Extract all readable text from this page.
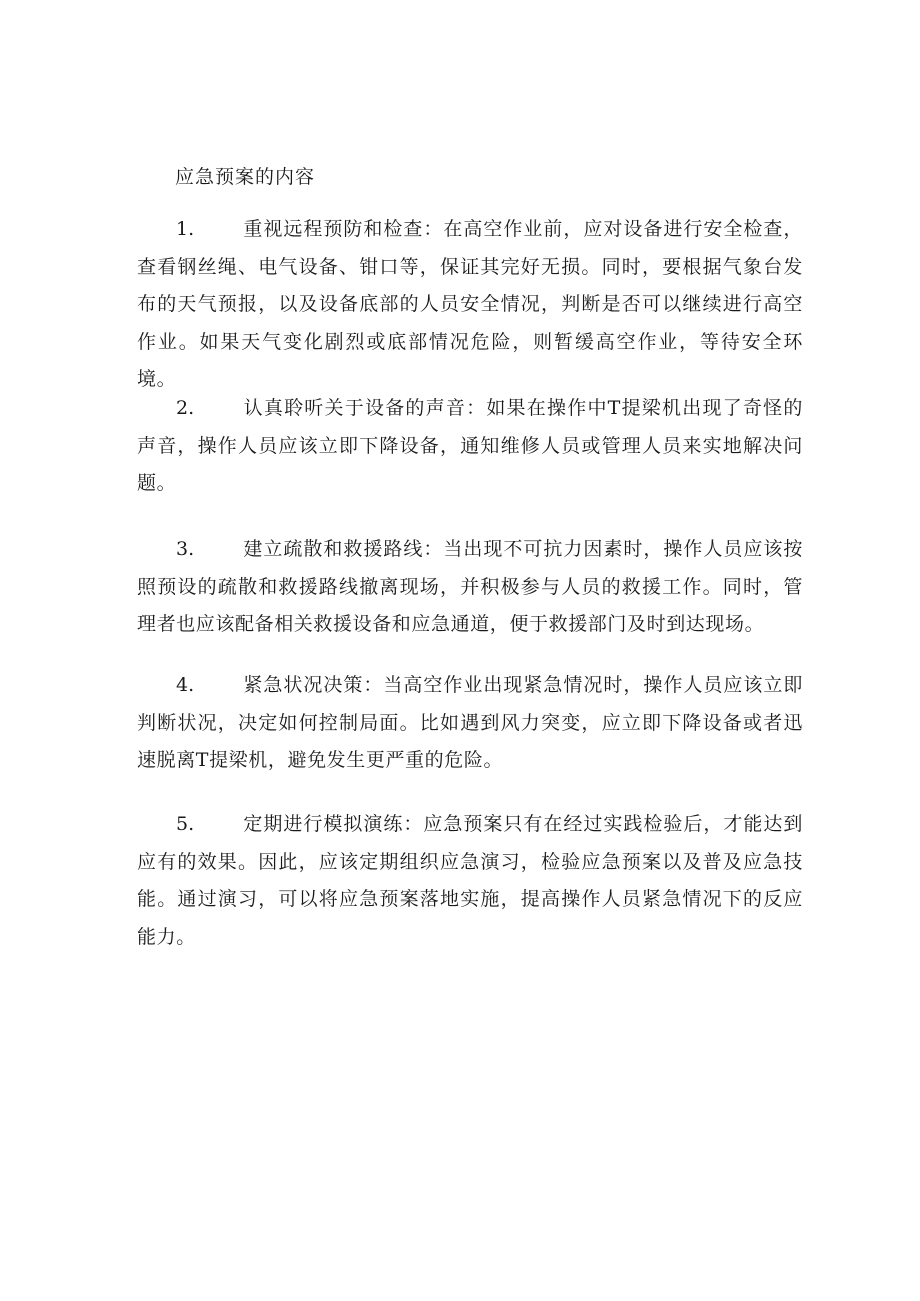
应急预案的内容

1.	重视远程预防和检查：在高空作业前，应对设备进行安全检查，查看钢丝绳、电气设备、钳口等，保证其完好无损。同时，要根据气象台发布的天气预报，以及设备底部的人员安全情况，判断是否可以继续进行高空作业。如果天气变化剧烈或底部情况危险，则暂缓高空作业，等待安全环境。

2.	认真聆听关于设备的声音：如果在操作中T提梁机出现了奇怪的声音，操作人员应该立即下降设备，通知维修人员或管理人员来实地解决问题。

3.	建立疏散和救援路线：当出现不可抗力因素时，操作人员应该按照预设的疏散和救援路线撤离现场，并积极参与人员的救援工作。同时，管理者也应该配备相关救援设备和应急通道，便于救援部门及时到达现场。

4.	紧急状况决策：当高空作业出现紧急情况时，操作人员应该立即判断状况，决定如何控制局面。比如遇到风力突变，应立即下降设备或者迅速脱离T提梁机，避免发生更严重的危险。

5.	定期进行模拟演练：应急预案只有在经过实践检验后，才能达到应有的效果。因此，应该定期组织应急演习，检验应急预案以及普及应急技能。通过演习，可以将应急预案落地实施，提高操作人员紧急情况下的反应能力。
